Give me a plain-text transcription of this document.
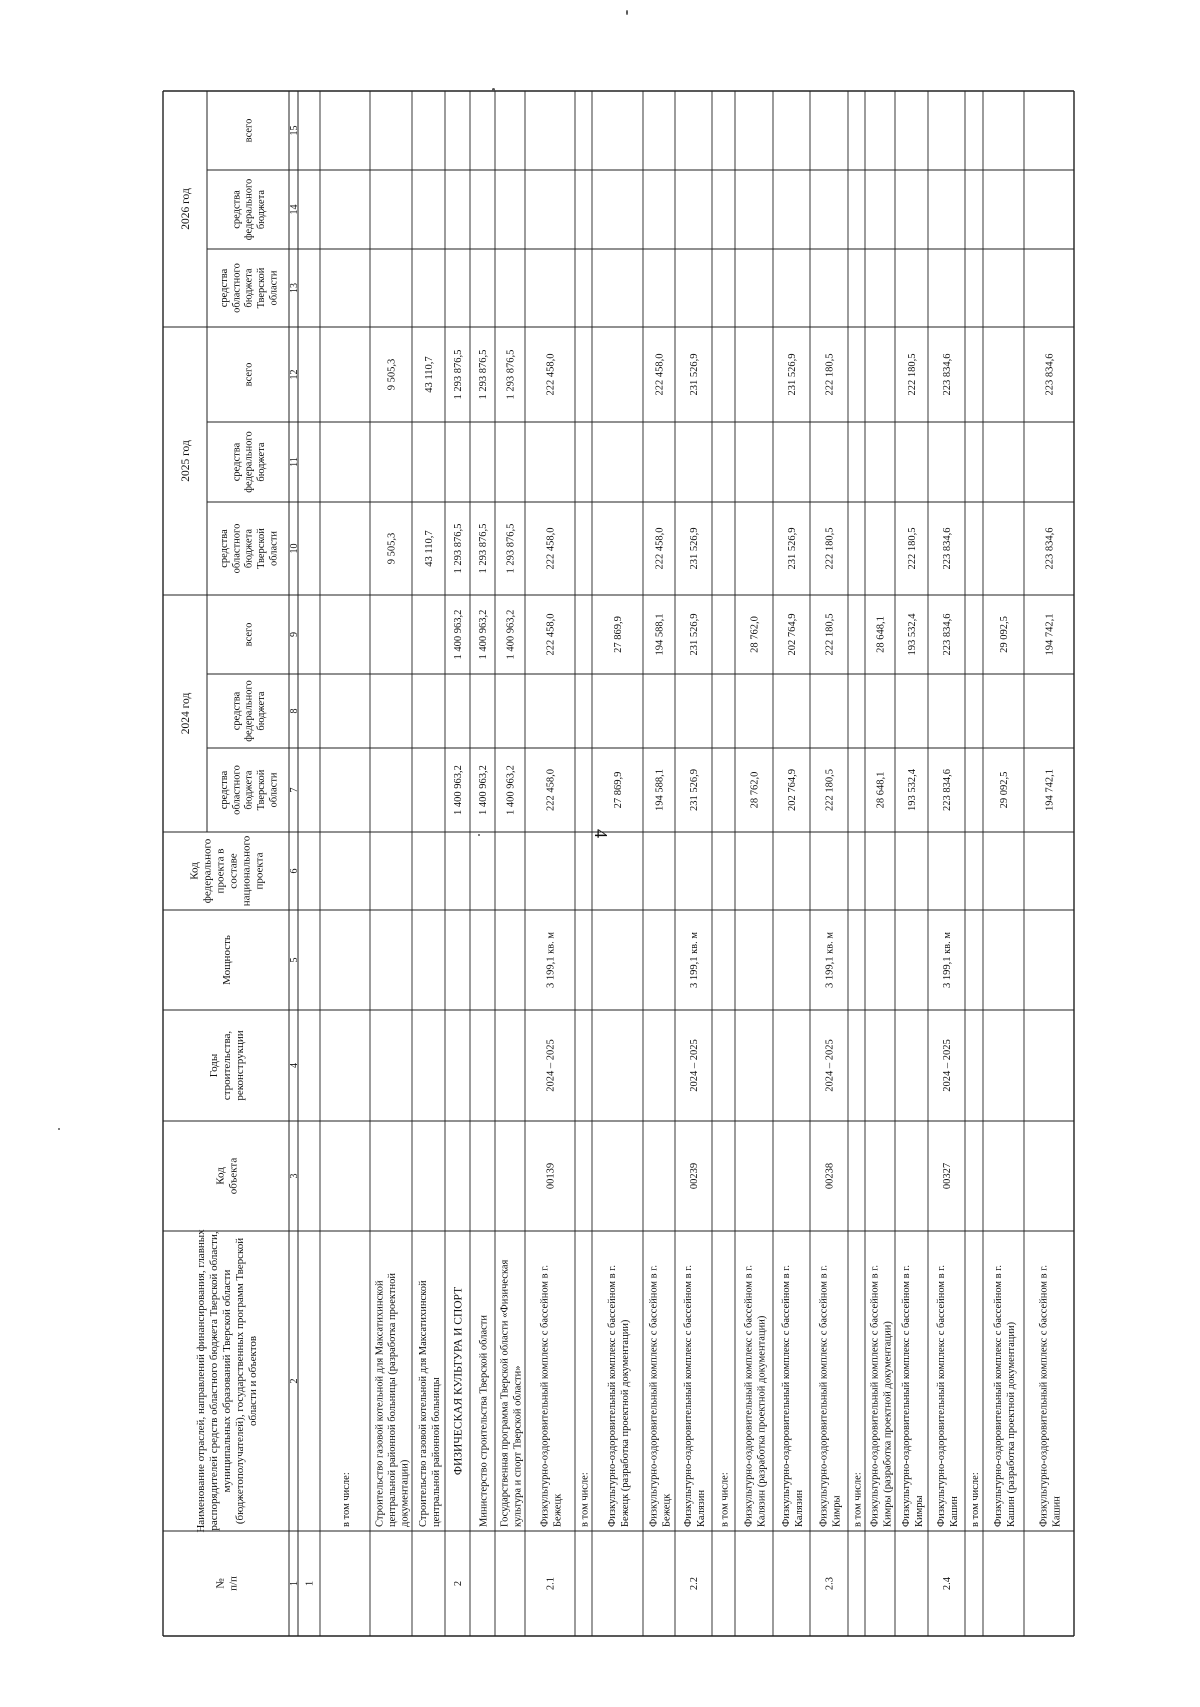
№ п/п
Наименование отраслей, направлений финансирования, главных распорядителей средств областного бюджета Тверской области, муниципальных образований Тверской области (бюджетополучателей), государственных программ Тверской области и объектов
Код объекта
Годы строительства, реконструкции
Мощность
Код федерального проекта в составе национального проекта
2024 год
2025 год
2026 год
средства областного бюджета Тверской области
средства федерального бюджета
всего
средства областного бюджета Тверской области
средства федерального бюджета
всего
средства областного бюджета Тверской области
средства федерального бюджета
всего
1
2
3
4
5
6
7
8
9
10
11
12
13
14
15
1
в том числе: Строительство газовой котельной для Максатихинской центральной районной больницы (разработка проектной документации)
9 505,3
9 505,3
Строительство газовой котельной для Максатихинской центральной районной больницы
43 110,7
43 110,7
2
ФИЗИЧЕСКАЯ КУЛЬТУРА И СПОРТ
1 400 963,2
1 400 963,2
1 293 876,5
1 293 876,5
Министерство строительства Тверской области
1 400 963,2
1 400 963,2
1 293 876,5
1 293 876,5
Государственная программа Тверской области «Физическая культура и спорт Тверской области»
1 400 963,2
1 400 963,2
1 293 876,5
1 293 876,5
2.1
Физкультурно-оздоровительный комплекс с бассейном в г. Бежецк
00139
2024 – 2025
3 199,1 кв. м
222 458,0
222 458,0
222 458,0
222 458,0
в том числе: Физкультурно-оздоровительный комплекс с бассейном в г. Бежецк (разработка проектной документации)
27 869,9
27 869,9
Физкультурно-оздоровительный комплекс с бассейном в г. Бежецк
194 588,1
194 588,1
222 458,0
222 458,0
2.2
Физкультурно-оздоровительный комплекс с бассейном в г. Калязин
00239
2024 – 2025
3 199,1 кв. м
231 526,9
231 526,9
231 526,9
231 526,9
в том числе: Физкультурно-оздоровительный комплекс с бассейном в г. Калязин (разработка проектной документации)
28 762,0
28 762,0
Физкультурно-оздоровительный комплекс с бассейном в г. Калязин
202 764,9
202 764,9
231 526,9
231 526,9
2.3
Физкультурно-оздоровительный комплекс с бассейном в г. Кимры
00238
2024 – 2025
3 199,1 кв. м
222 180,5
222 180,5
222 180,5
222 180,5
в том числе: Физкультурно-оздоровительный комплекс с бассейном в г. Кимры (разработка проектной документации)
28 648,1
28 648,1
Физкультурно-оздоровительный комплекс с бассейном в г. Кимры
193 532,4
193 532,4
222 180,5
222 180,5
2.4
Физкультурно-оздоровительный комплекс с бассейном в г. Кашин
00327
2024 – 2025
3 199,1 кв. м
223 834,6
223 834,6
223 834,6
223 834,6
в том числе: Физкультурно-оздоровительный комплекс с бассейном в г. Кашин (разработка проектной документации)
29 092,5
29 092,5
Физкультурно-оздоровительный комплекс с бассейном в г. Кашин
194 742,1
194 742,1
223 834,6
223 834,6
4
